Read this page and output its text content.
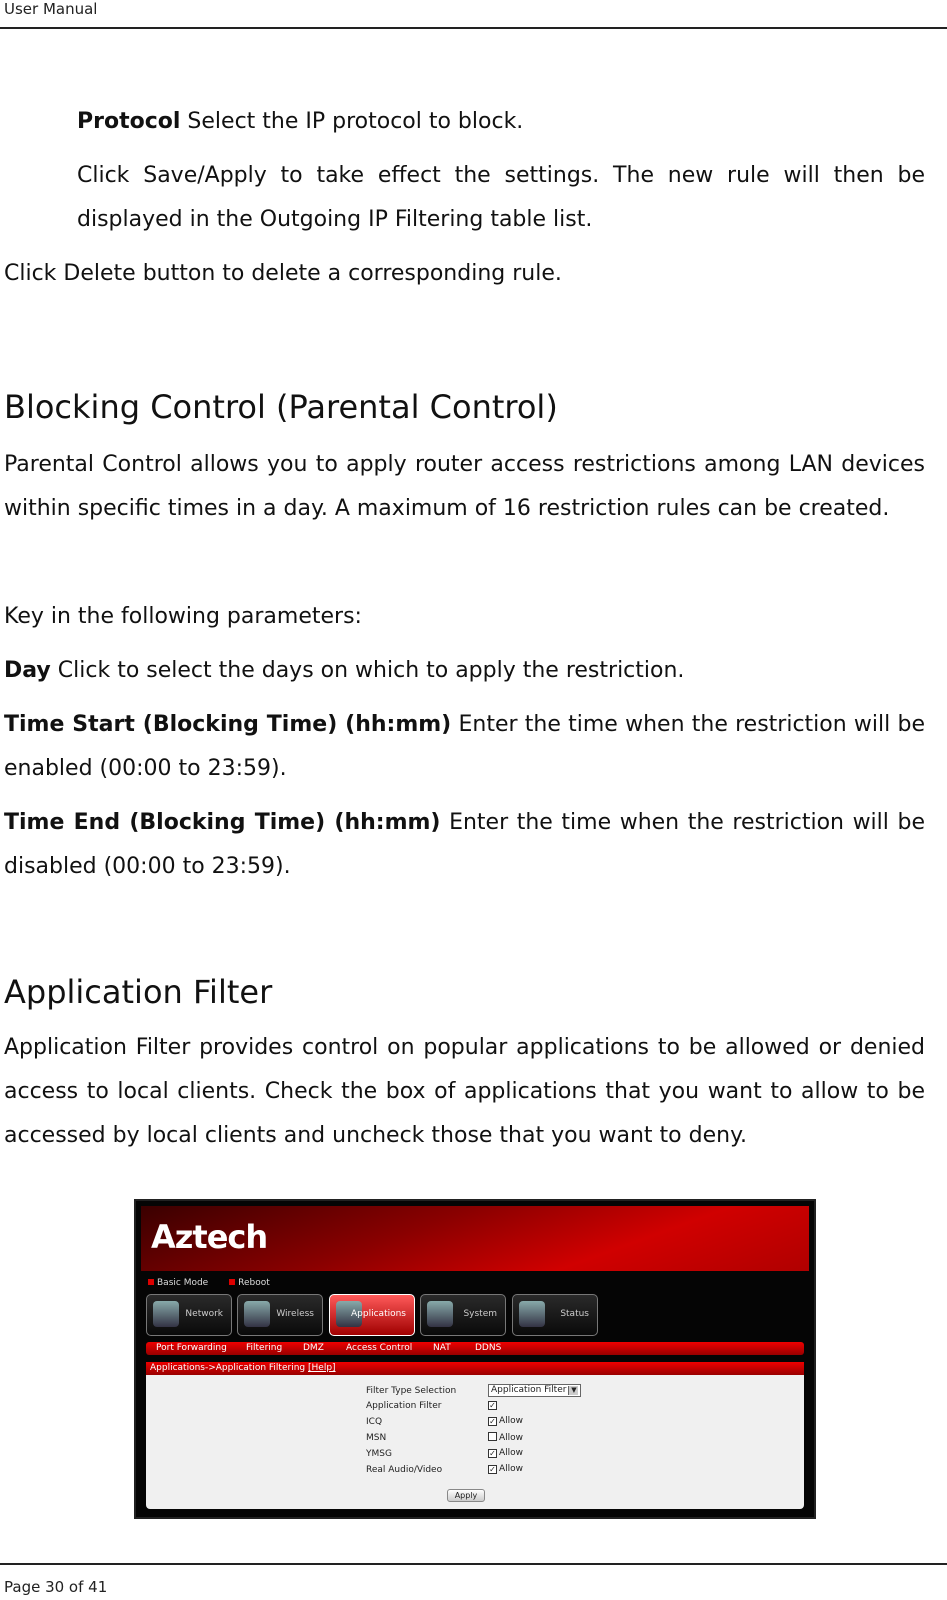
User Manual
Protocol Select the IP protocol to block.
Click Save/Apply to take effect the settings. The new rule will then be displayed in the Outgoing IP Filtering table list.
Click Delete button to delete a corresponding rule.
Blocking Control (Parental Control)
Parental Control allows you to apply router access restrictions among LAN devices within specific times in a day. A maximum of 16 restriction rules can be created.
Key in the following parameters:
Day Click to select the days on which to apply the restriction.
Time Start (Blocking Time) (hh:mm) Enter the time when the restriction will be enabled (00:00 to 23:59).
Time End (Blocking Time) (hh:mm) Enter the time when the restriction will be disabled (00:00 to 23:59).
Application Filter
Application Filter provides control on popular applications to be allowed or denied access to local clients. Check the box of applications that you want to allow to be accessed by local clients and uncheck those that you want to deny.
Aztech
Basic Mode	Reboot
Network	Wireless	Applications	System	Status
Port Forwarding Filtering DMZ Access Control NAT	DDNS
Applications->Application Filtering [Help]
Filter Type Selection	Application Filter ▼
Application Filter	✓
ICQ	✓ Allow
MSN	Allow
YMSG	✓ Allow
Real Audio/Video	✓ Allow
Apply
Page 30 of 41
